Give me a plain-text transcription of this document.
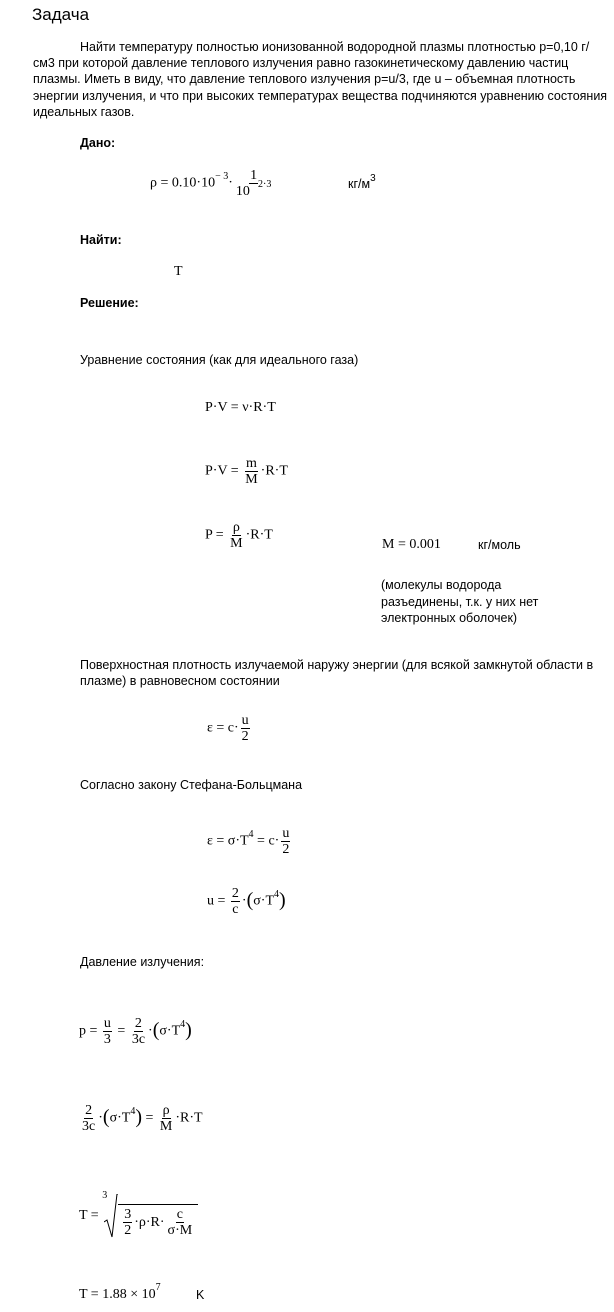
Задача
Найти температуру полностью ионизованной водородной плазмы плотностью р=0,10 г/см3 при которой давление теплового излучения равно газокинетическому давлению частиц плазмы. Иметь в виду, что давление теплового излучения р=u/3, где u – объемная плотность энергии излучения, и что при высоких температурах вещества подчиняются уравнению состояния идеальных газов.
Дано:
$\rho = 0.10\cdot 10^{- 3}\cdot \frac{1}{10^{- 2\cdot 3}}$	$кг/м^3$
Найти:
T
Решение:
Уравнение состояния (как для идеального газа)
P·V = ν·R·T
$P\cdot V = \frac{m}{M} \cdot R\cdot T$
$P = \frac{\rho}{M} \cdot R\cdot T$
M = 0.001	кг/моль
(молекулы водорода
разъединены, т.к. у них нет
электронных оболочек)
Поверхностная плотность излучаемой наружу энергии (для всякой замкнутой области в плазме) в равновесном состоянии
$\varepsilon = c\cdot \frac{u}{2}$
Согласно закону Стефана-Больцмана
$\varepsilon = \sigma\cdot T^4 = c\cdot \frac{u}{2}$
$u = \frac{2}{c} \cdot(\sigma\cdot T^4)$
Давление излучения:
$p = \frac{u}{3} = \frac{2}{3c} \cdot(\sigma\cdot T^4)$
$\frac{2}{3c} \cdot(\sigma\cdot T^4) = \frac{\rho}{M} \cdot R\cdot T$
T =

3
$\frac{3}{2} \cdot\rho\cdot R\cdot \frac{c}{\sigma\cdot M}$
$T = 1.88 \times 10^7$
K
